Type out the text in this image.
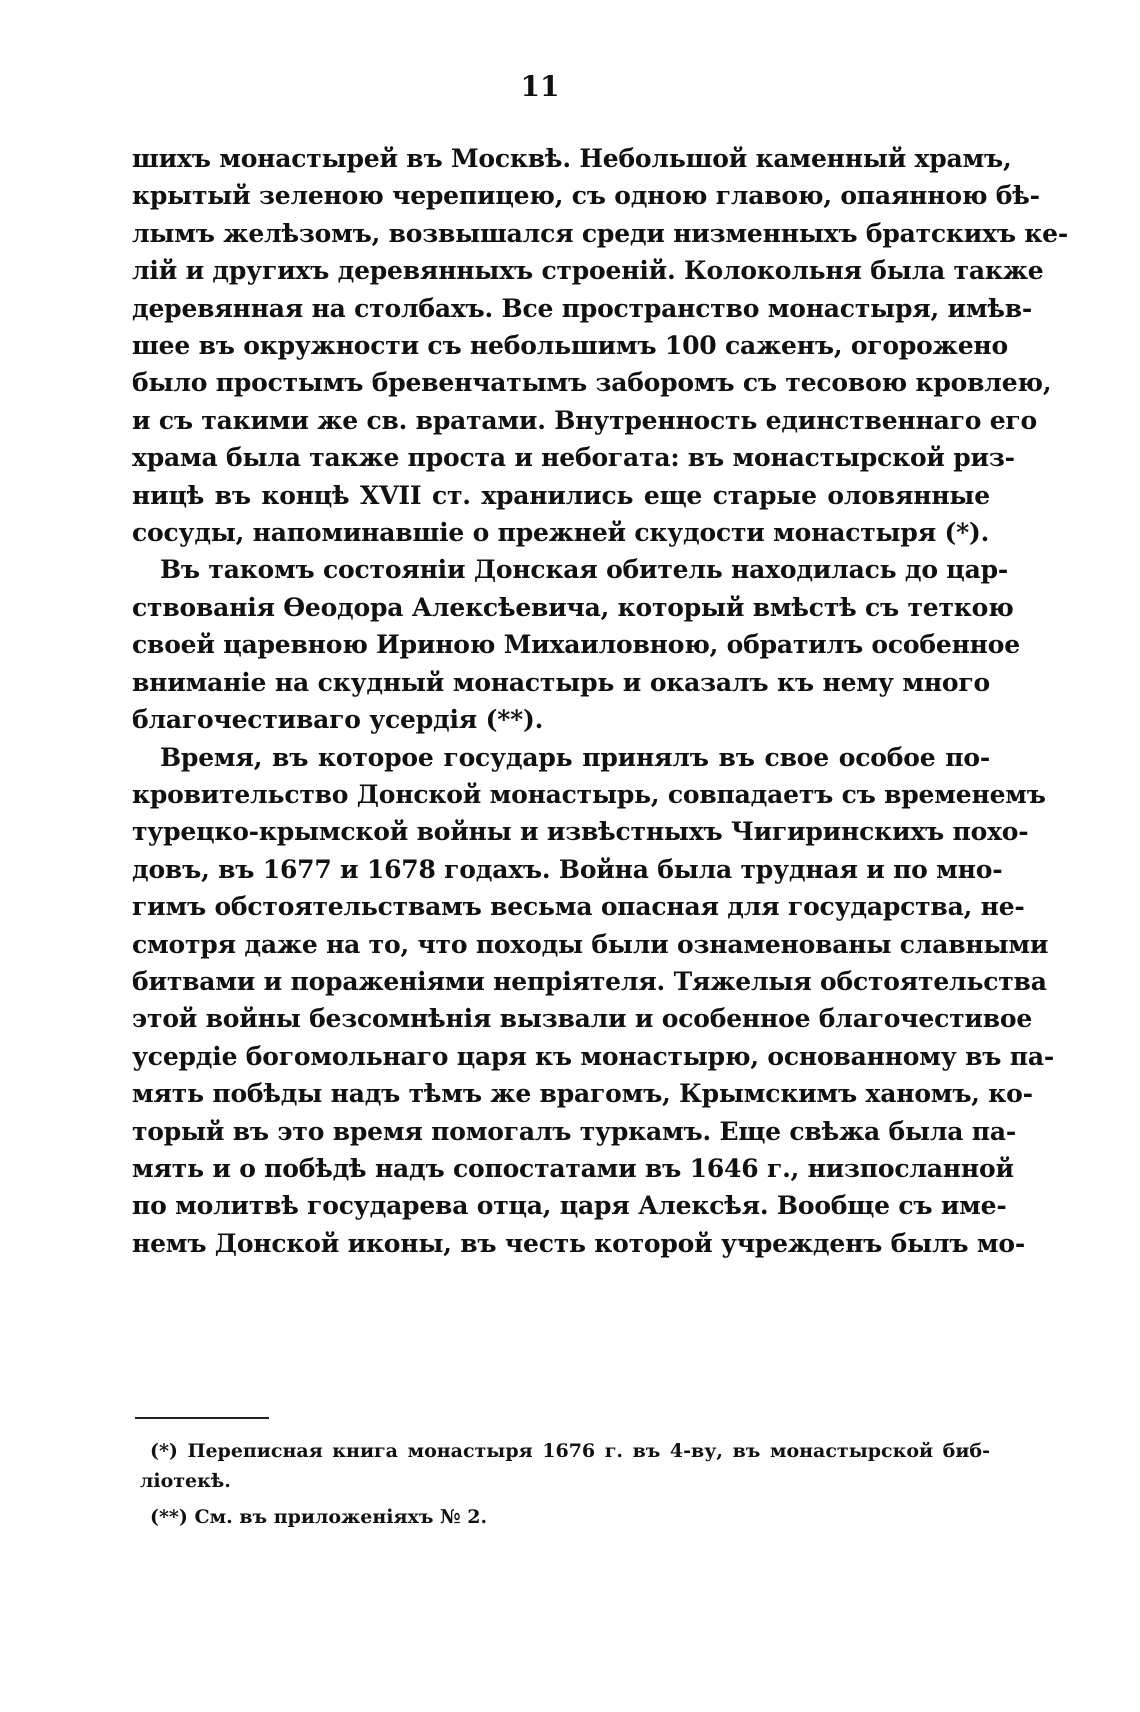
11
шихъ монастырей въ Москвѣ. Небольшой каменный храмъ,
крытый зеленою черепицею, съ одною главою, опаянною бѣ-
лымъ желѣзомъ, возвышался среди низменныхъ братскихъ ке-
лій и другихъ деревянныхъ строеній. Колокольня была также
деревянная на столбахъ. Все пространство монастыря, имѣв-
шее въ окружности съ небольшимъ 100 саженъ, огорожено
было простымъ бревенчатымъ заборомъ съ тесовою кровлею,
и съ такими же св. вратами. Внутренность единственнаго его
храма была также проста и небогата: въ монастырской риз-
ницѣ въ концѣ XVII ст. хранились еще старые оловянные
сосуды, напоминавшіе о прежней скудости монастыря (*).
Въ такомъ состояніи Донская обитель находилась до цар-
ствованія Ѳеодора Алексѣевича, который вмѣстѣ съ теткою
своей царевною Ириною Михаиловною, обратилъ особенное
вниманіе на скудный монастырь и оказалъ къ нему много
благочестиваго усердія (**).
Время, въ которое государь принялъ въ свое особое по-
кровительство Донской монастырь, совпадаетъ съ временемъ
турецко-крымской войны и извѣстныхъ Чигиринскихъ похо-
довъ, въ 1677 и 1678 годахъ. Война была трудная и по мно-
гимъ обстоятельствамъ весьма опасная для государства, не-
смотря даже на то, что походы были ознаменованы славными
битвами и пораженіями непріятеля. Тяжелыя обстоятельства
этой войны безсомнѣнія вызвали и особенное благочестивое
усердіе богомольнаго царя къ монастырю, основанному въ па-
мять побѣды надъ тѣмъ же врагомъ, Крымскимъ ханомъ, ко-
торый въ это время помогалъ туркамъ. Еще свѣжа была па-
мять и о побѣдѣ надъ сопостатами въ 1646 г., низпосланной
по молитвѣ государева отца, царя Алексѣя. Вообще съ име-
немъ Донской иконы, въ честь которой учрежденъ былъ мо-
(*) Переписная книга монастыря 1676 г. въ 4-ву, въ монастырской биб-
ліотекѣ.
(**) См. въ приложеніяхъ № 2.
